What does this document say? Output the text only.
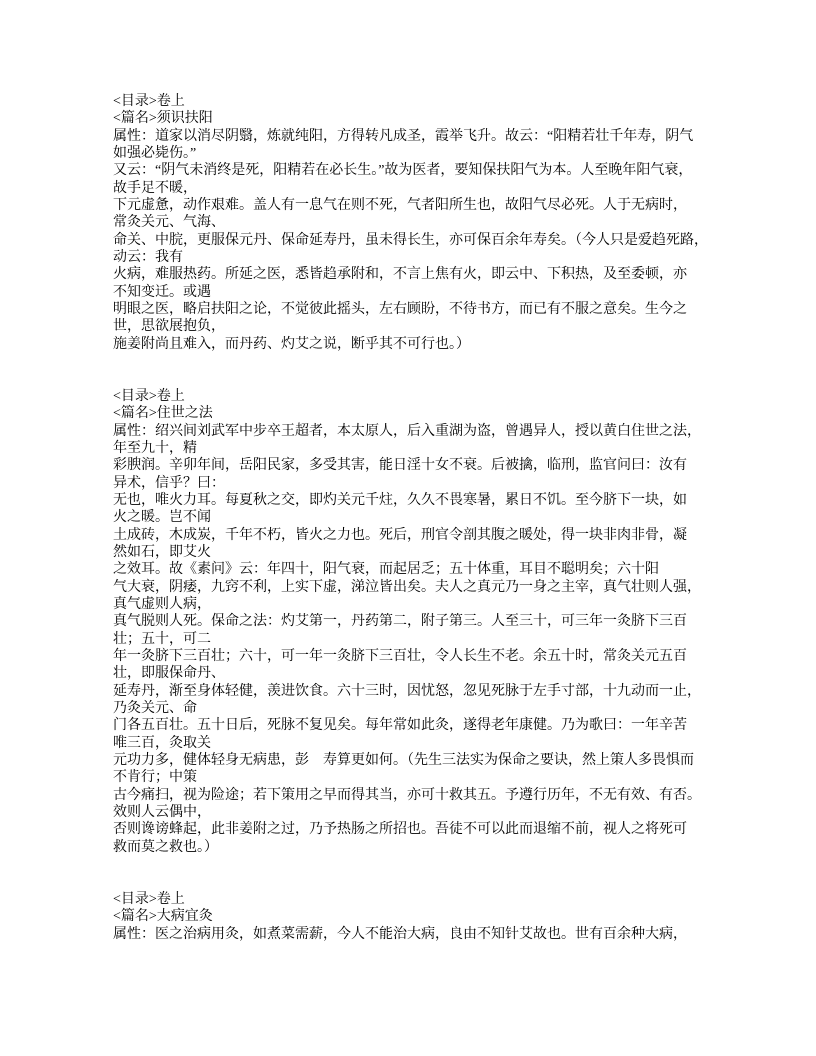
<目录>卷上
<篇名>须识扶阳
属性：道家以消尽阴翳，炼就纯阳，方得转凡成圣，霞举飞升。故云：“阳精若壮千年寿，阴气
如强必毙伤。”
又云：“阴气未消终是死，阳精若在必长生。”故为医者，要知保扶阳气为本。人至晚年阳气衰，
故手足不暖，
下元虚惫，动作艰难。盖人有一息气在则不死，气者阳所生也，故阳气尽必死。人于无病时，
常灸关元、气海、
命关、中脘，更服保元丹、保命延寿丹，虽未得长生，亦可保百余年寿矣。（今人只是爱趋死路，
动云：我有
火病，难服热药。所延之医，悉皆趋承附和，不言上焦有火，即云中、下积热，及至委顿，亦
不知变迁。或遇
明眼之医，略启扶阳之论，不觉彼此摇头，左右顾盼，不待书方，而已有不服之意矣。生今之
世，思欲展抱负，
施姜附尚且难入，而丹药、灼艾之说，断乎其不可行也。）
<目录>卷上
<篇名>住世之法
属性：绍兴间刘武军中步卒王超者，本太原人，后入重湖为盗，曾遇异人，授以黄白住世之法，
年至九十，精
彩腴润。辛卯年间，岳阳民家，多受其害，能日淫十女不衰。后被擒，临刑，监官问曰：汝有
异术，信乎？曰：
无也，唯火力耳。每夏秋之交，即灼关元千炷，久久不畏寒暑，累日不饥。至今脐下一块，如
火之暖。岂不闻
土成砖，木成炭，千年不朽，皆火之力也。死后，刑官令剖其腹之暖处，得一块非肉非骨，凝
然如石，即艾火
之效耳。故《素问》云：年四十，阳气衰，而起居乏；五十体重，耳目不聪明矣；六十阳
气大衰，阴痿，九窍不利，上实下虚，涕泣皆出矣。夫人之真元乃一身之主宰，真气壮则人强，
真气虚则人病，
真气脱则人死。保命之法：灼艾第一，丹药第二，附子第三。人至三十，可三年一灸脐下三百
壮；五十，可二
年一灸脐下三百壮；六十，可一年一灸脐下三百壮，令人长生不老。余五十时，常灸关元五百
壮，即服保命丹、
延寿丹，渐至身体轻健，羡进饮食。六十三时，因忧怒，忽见死脉于左手寸部，十九动而一止，
乃灸关元、命
门各五百壮。五十日后，死脉不复见矣。每年常如此灸，遂得老年康健。乃为歌曰：一年辛苦
唯三百，灸取关
元功力多，健体轻身无病患，彭　寿算更如何。（先生三法实为保命之要诀，然上策人多畏惧而
不肯行；中策
古今痛扫，视为险途；若下策用之早而得其当，亦可十救其五。予遵行历年，不无有效、有否。
效则人云偶中，
否则谗谤蜂起，此非姜附之过，乃予热肠之所招也。吾徒不可以此而退缩不前，视人之将死可
救而莫之救也。）
<目录>卷上
<篇名>大病宜灸
属性：医之治病用灸，如煮菜需薪，今人不能治大病，良由不知针艾故也。世有百余种大病，
